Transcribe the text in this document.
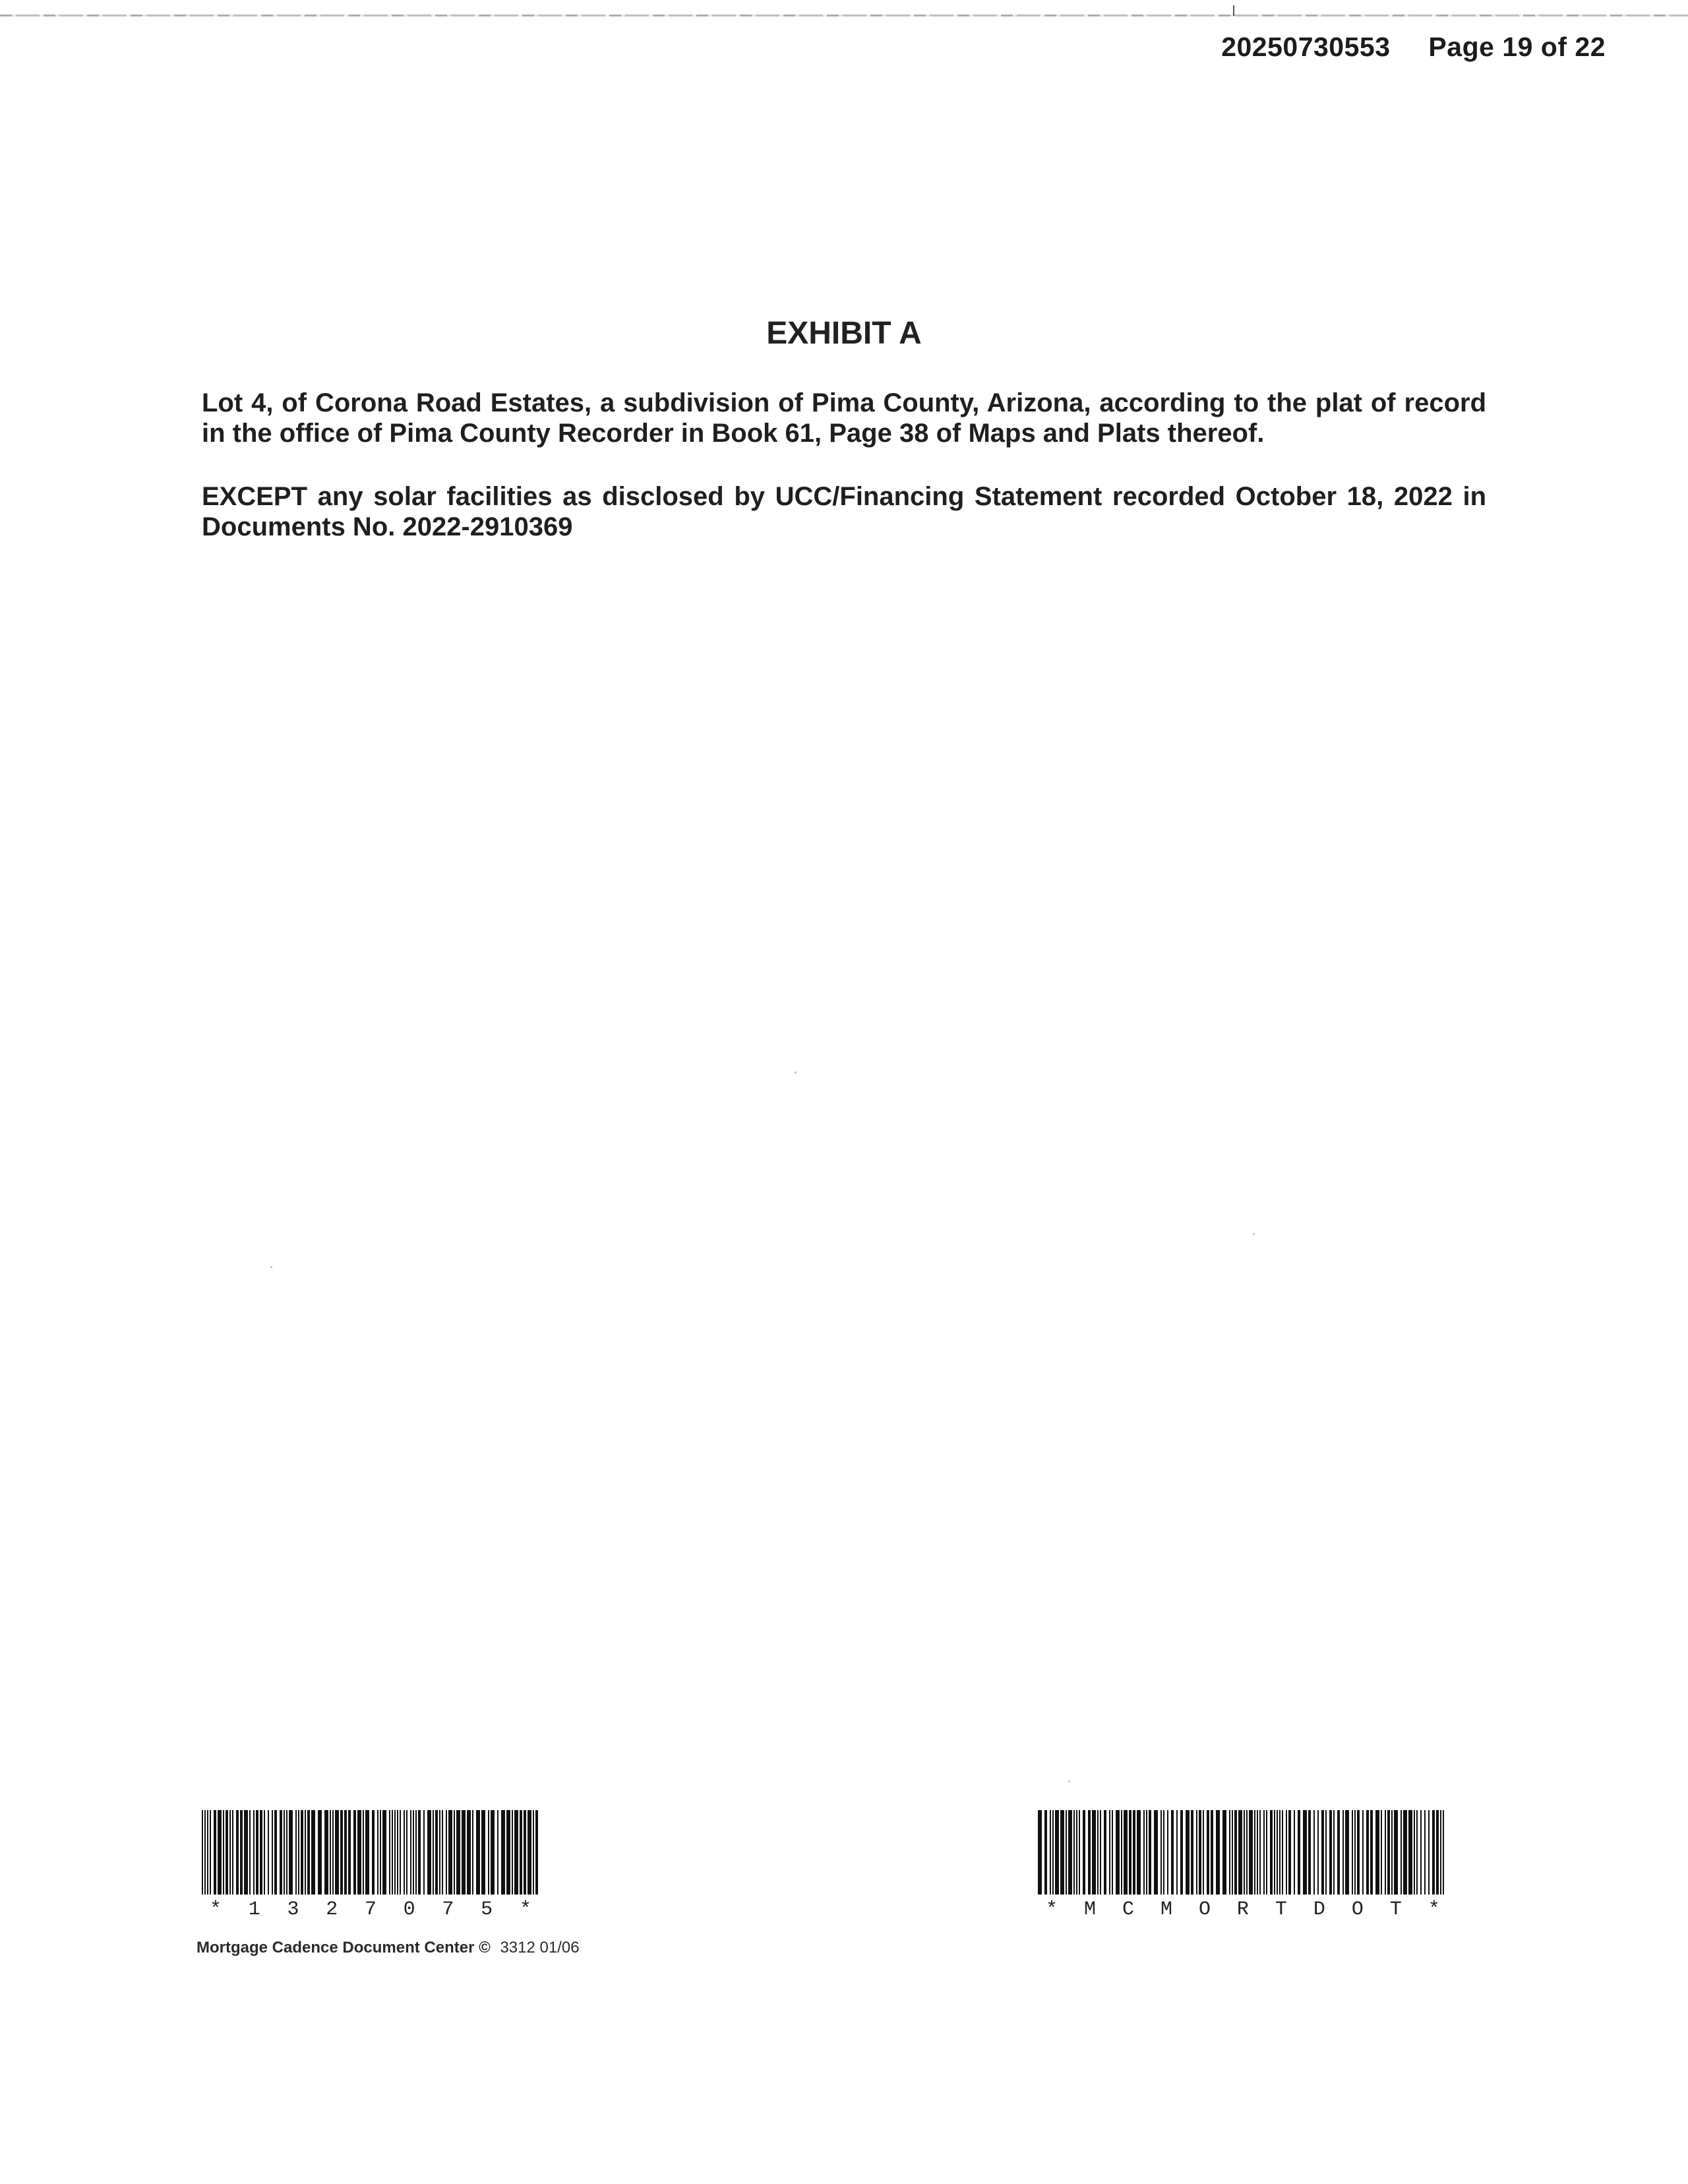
20250730553 Page 19 of 22
EXHIBIT A
Lot 4, of Corona Road Estates, a subdivision of Pima County, Arizona, according to the plat of record in the office of Pima County Recorder in Book 61, Page 38 of Maps and Plats thereof.
EXCEPT any solar facilities as disclosed by UCC/Financing Statement recorded October 18, 2022 in Documents No. 2022-2910369
* 1 3 2 7 0 7 5 *	* M C M O R T D O T *
Mortgage Cadence Document Center © 3312 01/06
